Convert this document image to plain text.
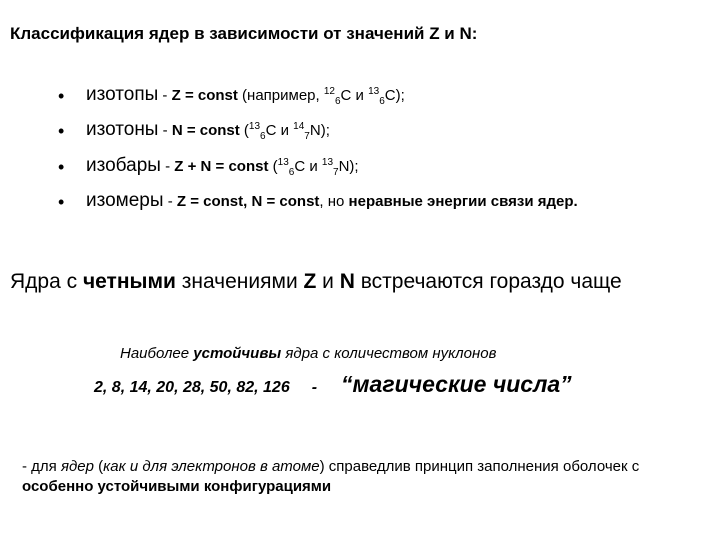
Классификация ядер в зависимости от значений Z и N:
• изотопы - Z = const (например, $^{12}_6$C и $^{13}_6$C);
• изотоны - N = const ($^{13}_6$C и $^{14}_7$N);
• изобары - Z + N = const ($^{13}_6$C и $^{13}_7$N);
• изомеры - Z = const, N = const, но неравные энергии связи ядер.
Ядра с четными значениями Z и N встречаются гораздо чаще
Наиболее устойчивы ядра с количеством нуклонов
2, 8, 14, 20, 28, 50, 82, 126 - “магические числа”
- для ядер (как и для электронов в атоме) справедлив принцип заполнения оболочек с особенно устойчивыми конфигурациями
